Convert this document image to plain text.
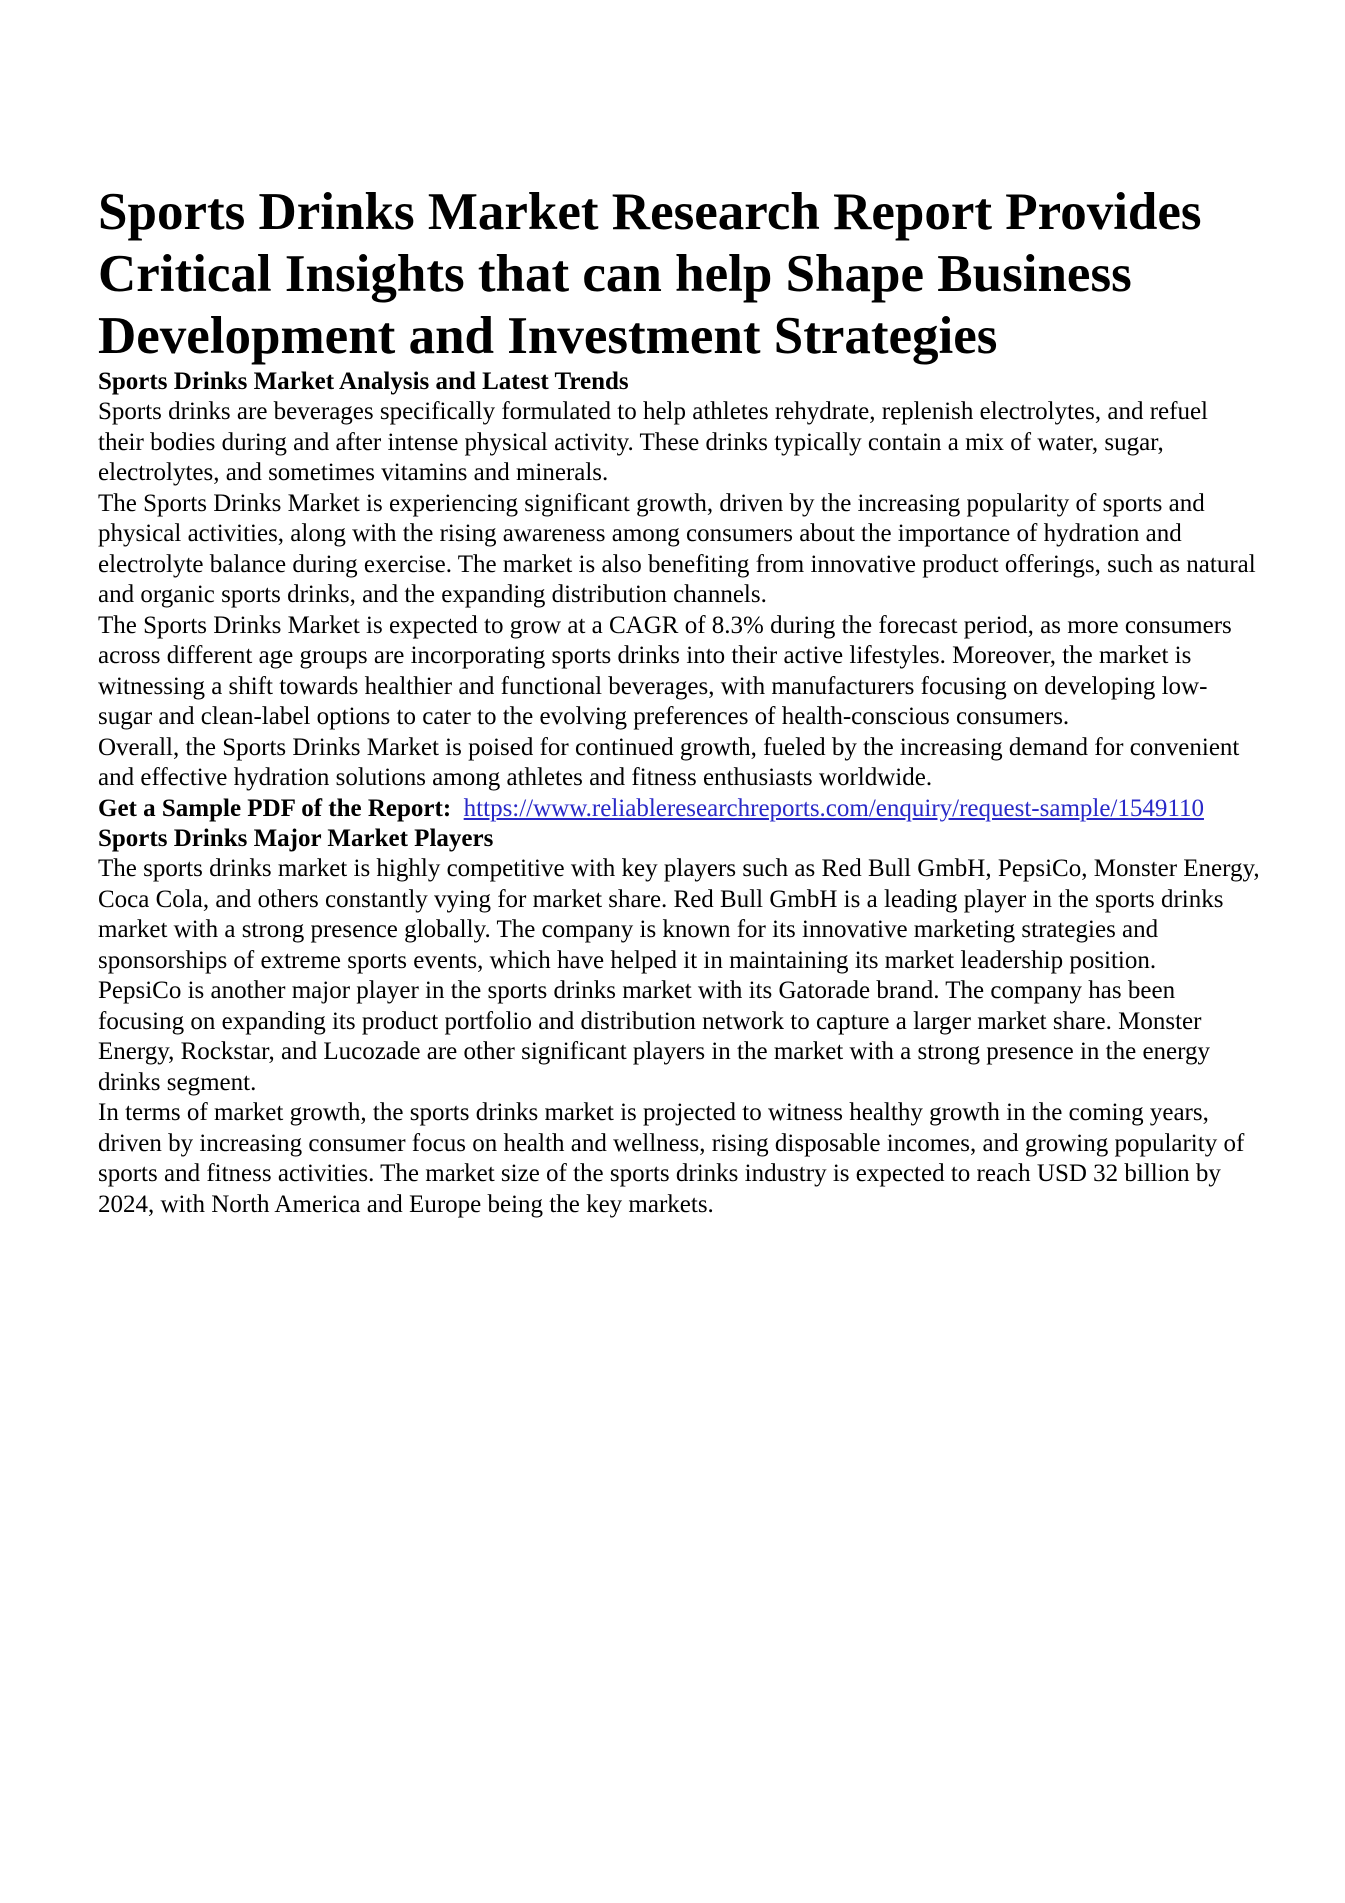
Sports Drinks Market Research Report Provides Critical Insights that can help Shape Business Development and Investment Strategies
Sports Drinks Market Analysis and Latest Trends

Sports drinks are beverages specifically formulated to help athletes rehydrate, replenish electrolytes, and refuel their bodies during and after intense physical activity. These drinks typically contain a mix of water, sugar, electrolytes, and sometimes vitamins and minerals.

The Sports Drinks Market is experiencing significant growth, driven by the increasing popularity of sports and physical activities, along with the rising awareness among consumers about the importance of hydration and electrolyte balance during exercise. The market is also benefiting from innovative product offerings, such as natural and organic sports drinks, and the expanding distribution channels.

The Sports Drinks Market is expected to grow at a CAGR of 8.3% during the forecast period, as more consumers across different age groups are incorporating sports drinks into their active lifestyles. Moreover, the market is witnessing a shift towards healthier and functional beverages, with manufacturers focusing on developing low-sugar and clean-label options to cater to the evolving preferences of health-conscious consumers.

Overall, the Sports Drinks Market is poised for continued growth, fueled by the increasing demand for convenient and effective hydration solutions among athletes and fitness enthusiasts worldwide.

Get a Sample PDF of the Report: https://www.reliableresearchreports.com/enquiry/request-sample/1549110

Sports Drinks Major Market Players

The sports drinks market is highly competitive with key players such as Red Bull GmbH, PepsiCo, Monster Energy, Coca Cola, and others constantly vying for market share. Red Bull GmbH is a leading player in the sports drinks market with a strong presence globally. The company is known for its innovative marketing strategies and sponsorships of extreme sports events, which have helped it in maintaining its market leadership position.

PepsiCo is another major player in the sports drinks market with its Gatorade brand. The company has been focusing on expanding its product portfolio and distribution network to capture a larger market share. Monster Energy, Rockstar, and Lucozade are other significant players in the market with a strong presence in the energy drinks segment.

In terms of market growth, the sports drinks market is projected to witness healthy growth in the coming years, driven by increasing consumer focus on health and wellness, rising disposable incomes, and growing popularity of sports and fitness activities. The market size of the sports drinks industry is expected to reach USD 32 billion by 2024, with North America and Europe being the key markets.
